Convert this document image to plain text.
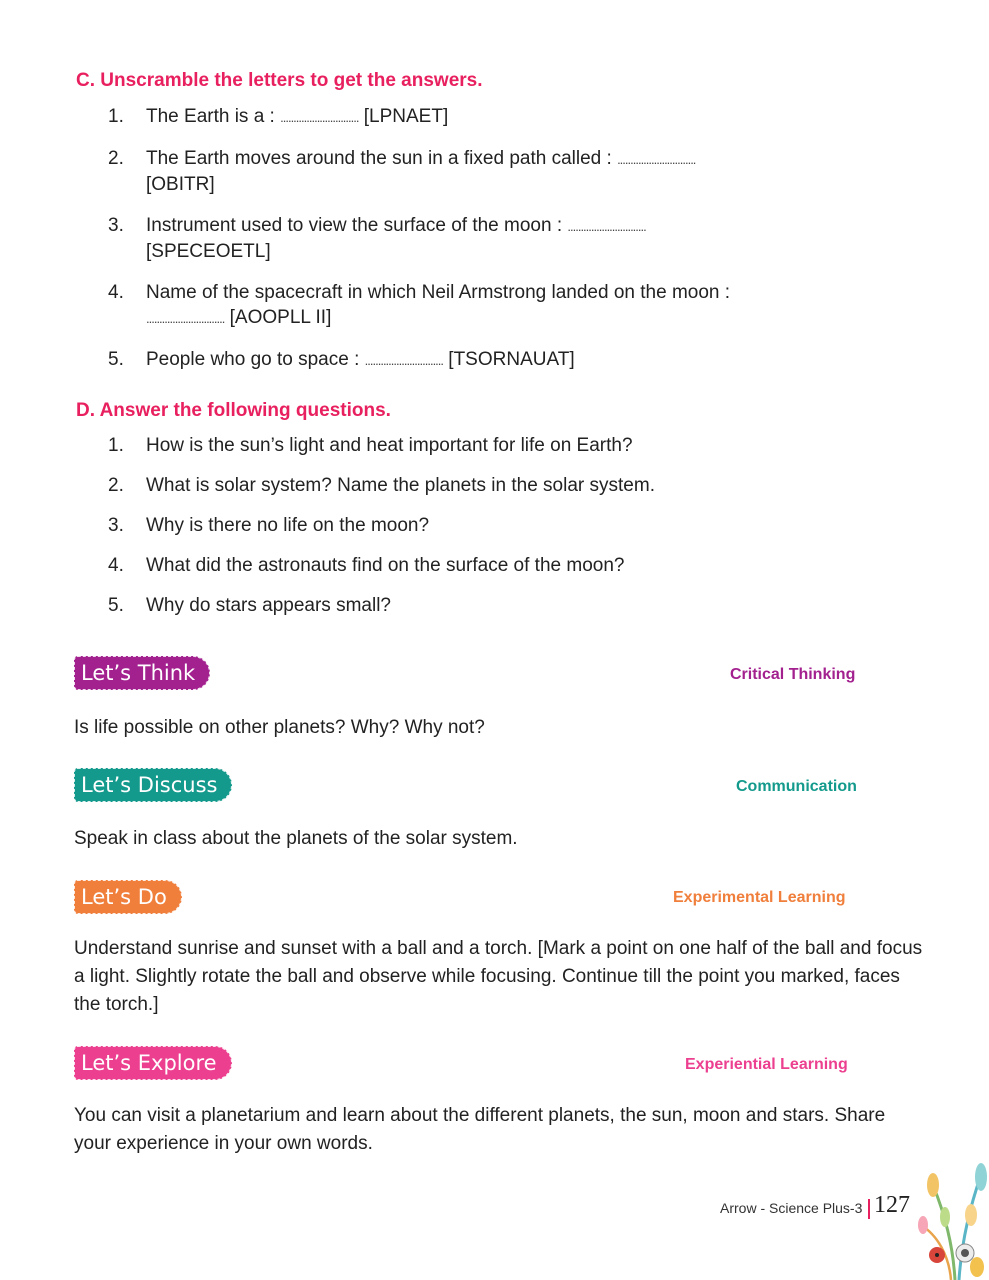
C. Unscramble the letters to get the answers.
1.	The Earth is a : .............................. [LPNAET]
2.	The Earth moves around the sun in a fixed path called : ..............................
[OBITR]
3.	Instrument used to view the surface of the moon : ..............................
[SPECEOETL]
4.	Name of the spacecraft in which Neil Armstrong landed on the moon :
.............................. [AOOPLL II]
5.	People who go to space : .............................. [TSORNAUAT]
D. Answer the following questions.
1.	How is the sun’s light and heat important for life on Earth?
2.	What is solar system? Name the planets in the solar system.
3.	Why is there no life on the moon?
4.	What did the astronauts find on the surface of the moon?
5.	Why do stars appears small?
Let’s Think	Critical Thinking

Is life possible on other planets? Why? Why not?

Let’s Discuss	Communication

Speak in class about the planets of the solar system.

Let’s Do	Experimental Learning

Understand sunrise and sunset with a ball and a torch. [Mark a point on one half of the ball and focus a light. Slightly rotate the ball and observe while focusing. Continue till the point you marked, faces the torch.]

Let’s Explore	Experiential Learning

You can visit a planetarium and learn about the different planets, the sun, moon and stars. Share your experience in your own words.

Arrow - Science Plus-3 127
